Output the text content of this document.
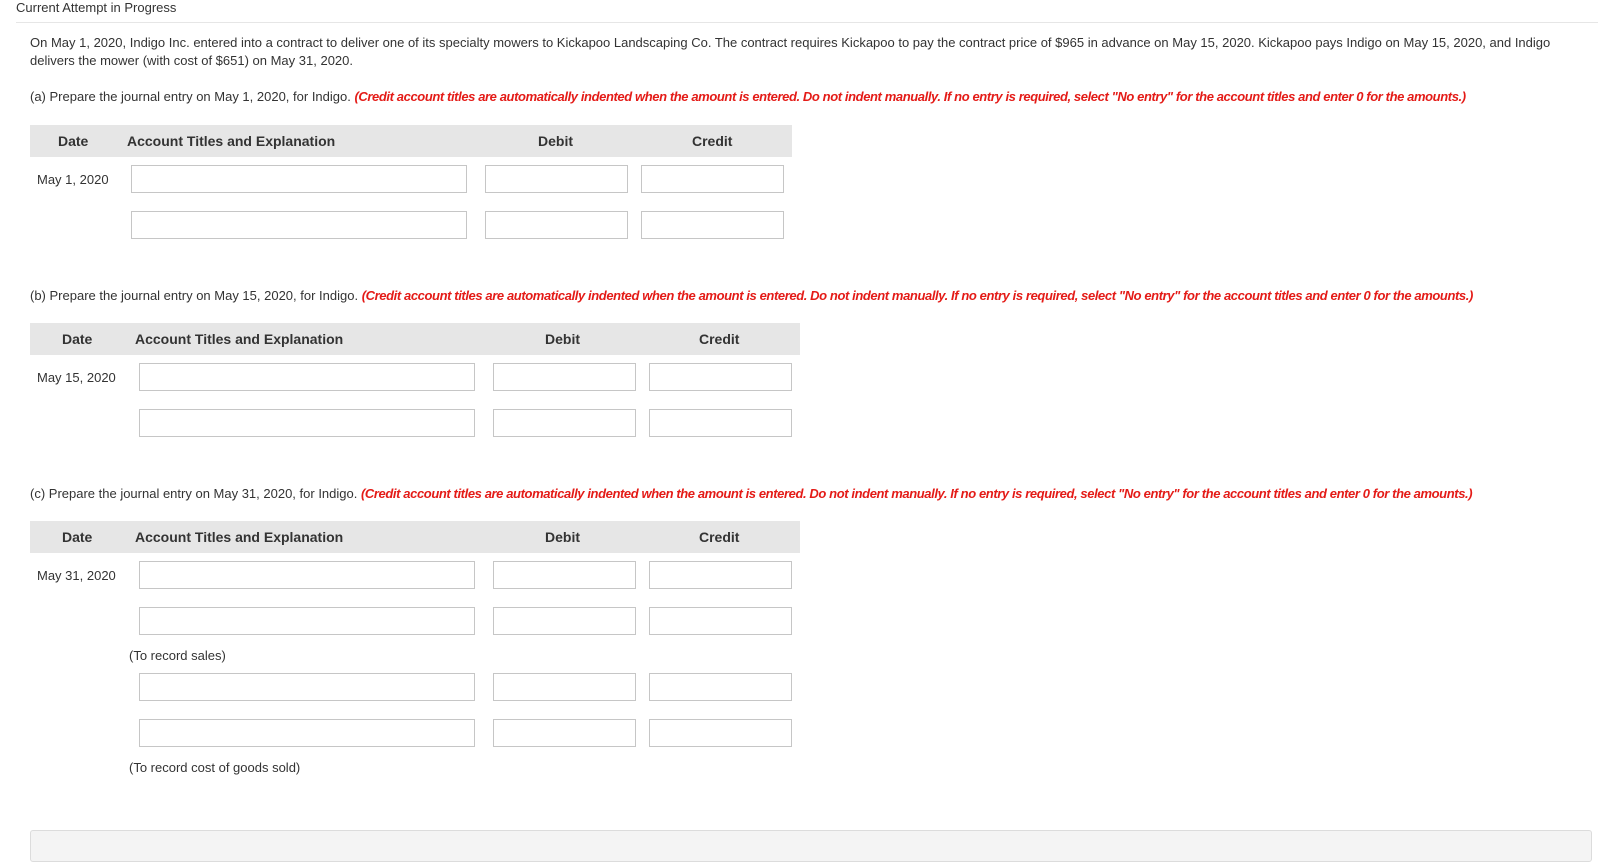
Current Attempt in Progress
On May 1, 2020, Indigo Inc. entered into a contract to deliver one of its specialty mowers to Kickapoo Landscaping Co. The contract requires Kickapoo to pay the contract price of $965 in advance on May 15, 2020. Kickapoo pays Indigo on May 15, 2020, and Indigo delivers the mower (with cost of $651) on May 31, 2020.
(a) Prepare the journal entry on May 1, 2020, for Indigo. (Credit account titles are automatically indented when the amount is entered. Do not indent manually. If no entry is required, select "No entry" for the account titles and enter 0 for the amounts.)
Date	Account Titles and Explanation	Debit	Credit
May 1, 2020
(b) Prepare the journal entry on May 15, 2020, for Indigo. (Credit account titles are automatically indented when the amount is entered. Do not indent manually. If no entry is required, select "No entry" for the account titles and enter 0 for the amounts.)
Date	Account Titles and Explanation	Debit	Credit
May 15, 2020
(c) Prepare the journal entry on May 31, 2020, for Indigo. (Credit account titles are automatically indented when the amount is entered. Do not indent manually. If no entry is required, select "No entry" for the account titles and enter 0 for the amounts.)
Date	Account Titles and Explanation	Debit	Credit
May 31, 2020
(To record sales)
(To record cost of goods sold)
